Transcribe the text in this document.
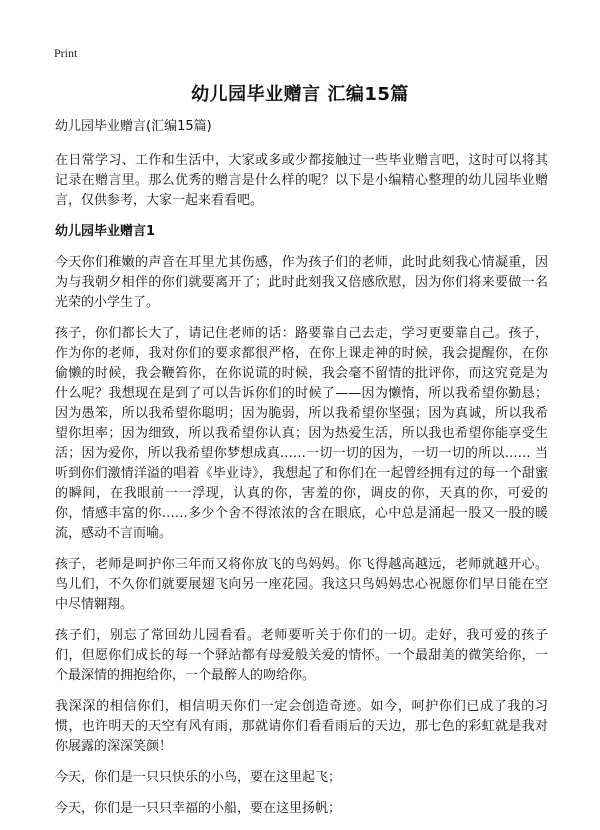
Print
幼儿园毕业赠言 汇编15篇
幼儿园毕业赠言(汇编15篇)

在日常学习、工作和生活中，大家或多或少都接触过一些毕业赠言吧，这时可以将其记录在赠言里。那么优秀的赠言是什么样的呢？以下是小编精心整理的幼儿园毕业赠言，仅供参考，大家一起来看看吧。

幼儿园毕业赠言1

今天你们稚嫩的声音在耳里尤其伤感，作为孩子们的老师，此时此刻我心情凝重，因为与我朝夕相伴的你们就要离开了；此时此刻我又倍感欣慰，因为你们将来要做一名光荣的小学生了。

孩子，你们都长大了，请记住老师的话：路要靠自己去走，学习更要靠自己。孩子，作为你的老师，我对你们的要求都很严格，在你上课走神的时候，我会提醒你，在你偷懒的时候，我会鞭笞你，在你说谎的时候，我会毫不留情的批评你，而这究竟是为什么呢？我想现在是到了可以告诉你们的时候了——因为懒惰，所以我希望你勤恳；因为愚笨，所以我希望你聪明；因为脆弱，所以我希望你坚强；因为真诚，所以我希望你坦率；因为细致，所以我希望你认真；因为热爱生活，所以我也希望你能享受生活；因为爱你，所以我希望你梦想成真……一切一切的因为，一切一切的所以…… 当听到你们激情洋溢的唱着《毕业诗》，我想起了和你们在一起曾经拥有过的每一个甜蜜的瞬间，在我眼前一一浮现，认真的你，害羞的你，调皮的你，天真的你，可爱的你，情感丰富的你……多少个舍不得浓浓的含在眼底，心中总是涌起一股又一股的暖流，感动不言而喻。

孩子，老师是呵护你三年而又将你放飞的鸟妈妈。你飞得越高越远，老师就越开心。鸟儿们，不久你们就要展翅飞向另一座花园。我这只鸟妈妈忠心祝愿你们早日能在空中尽情翱翔。

孩子们，别忘了常回幼儿园看看。老师要听关于你们的一切。走好，我可爱的孩子们，但愿你们成长的每一个驿站都有母爱般关爱的情怀。一个最甜美的微笑给你，一个最深情的拥抱给你，一个最醉人的吻给你。

我深深的相信你们，相信明天你们一定会创造奇迹。如今，呵护你们已成了我的习惯，也许明天的天空有风有雨，那就请你们看看雨后的天边，那七色的彩虹就是我对你展露的深深笑颜！

今天，你们是一只只快乐的小鸟，要在这里起飞；

今天，你们是一只只幸福的小船，要在这里扬帆；
